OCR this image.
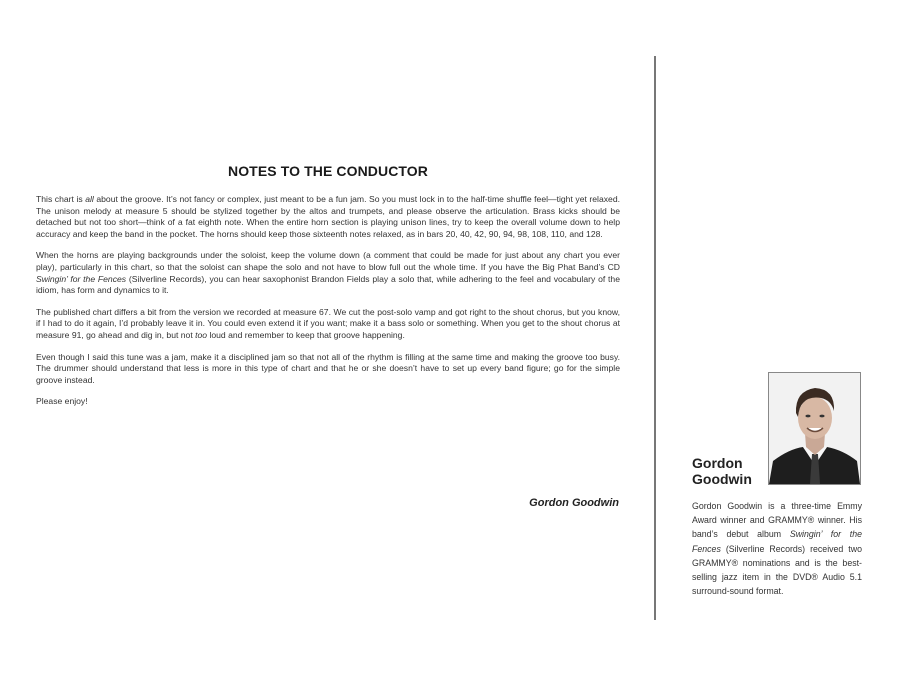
NOTES TO THE CONDUCTOR

This chart is all about the groove. It’s not fancy or complex, just meant to be a fun jam. So you must lock in to the half-time shuffle feel—tight yet relaxed. The unison melody at measure 5 should be stylized together by the altos and trumpets, and please observe the articulation. Brass kicks should be detached but not too short—think of a fat eighth note. When the entire horn section is playing unison lines, try to keep the overall volume down to help accuracy and keep the band in the pocket. The horns should keep those sixteenth notes relaxed, as in bars 20, 40, 42, 90, 94, 98, 108, 110, and 128.

When the horns are playing backgrounds under the soloist, keep the volume down (a comment that could be made for just about any chart you ever play), particularly in this chart, so that the soloist can shape the solo and not have to blow full out the whole time. If you have the Big Phat Band’s CD Swingin’ for the Fences (Silverline Records), you can hear saxophonist Brandon Fields play a solo that, while adhering to the feel and vocabulary of the idiom, has form and dynamics to it.

The published chart differs a bit from the version we recorded at measure 67. We cut the post-solo vamp and got right to the shout chorus, but you know, if I had to do it again, I’d probably leave it in. You could even extend it if you want; make it a bass solo or something. When you get to the shout chorus at measure 91, go ahead and dig in, but not too loud and remember to keep that groove happening.

Even though I said this tune was a jam, make it a disciplined jam so that not all of the rhythm is filling at the same time and making the groove too busy. The drummer should understand that less is more in this type of chart and that he or she doesn’t have to set up every band figure; go for the simple groove instead.

Please enjoy!

Gordon Goodwin
Gordon
Goodwin
Gordon Goodwin is a three-time Emmy Award winner and GRAMMY® winner. His band’s debut album Swingin’ for the Fences (Silverline Records) received two GRAMMY® nominations and is the best-selling jazz item in the DVD® Audio 5.1 surround-sound format.
